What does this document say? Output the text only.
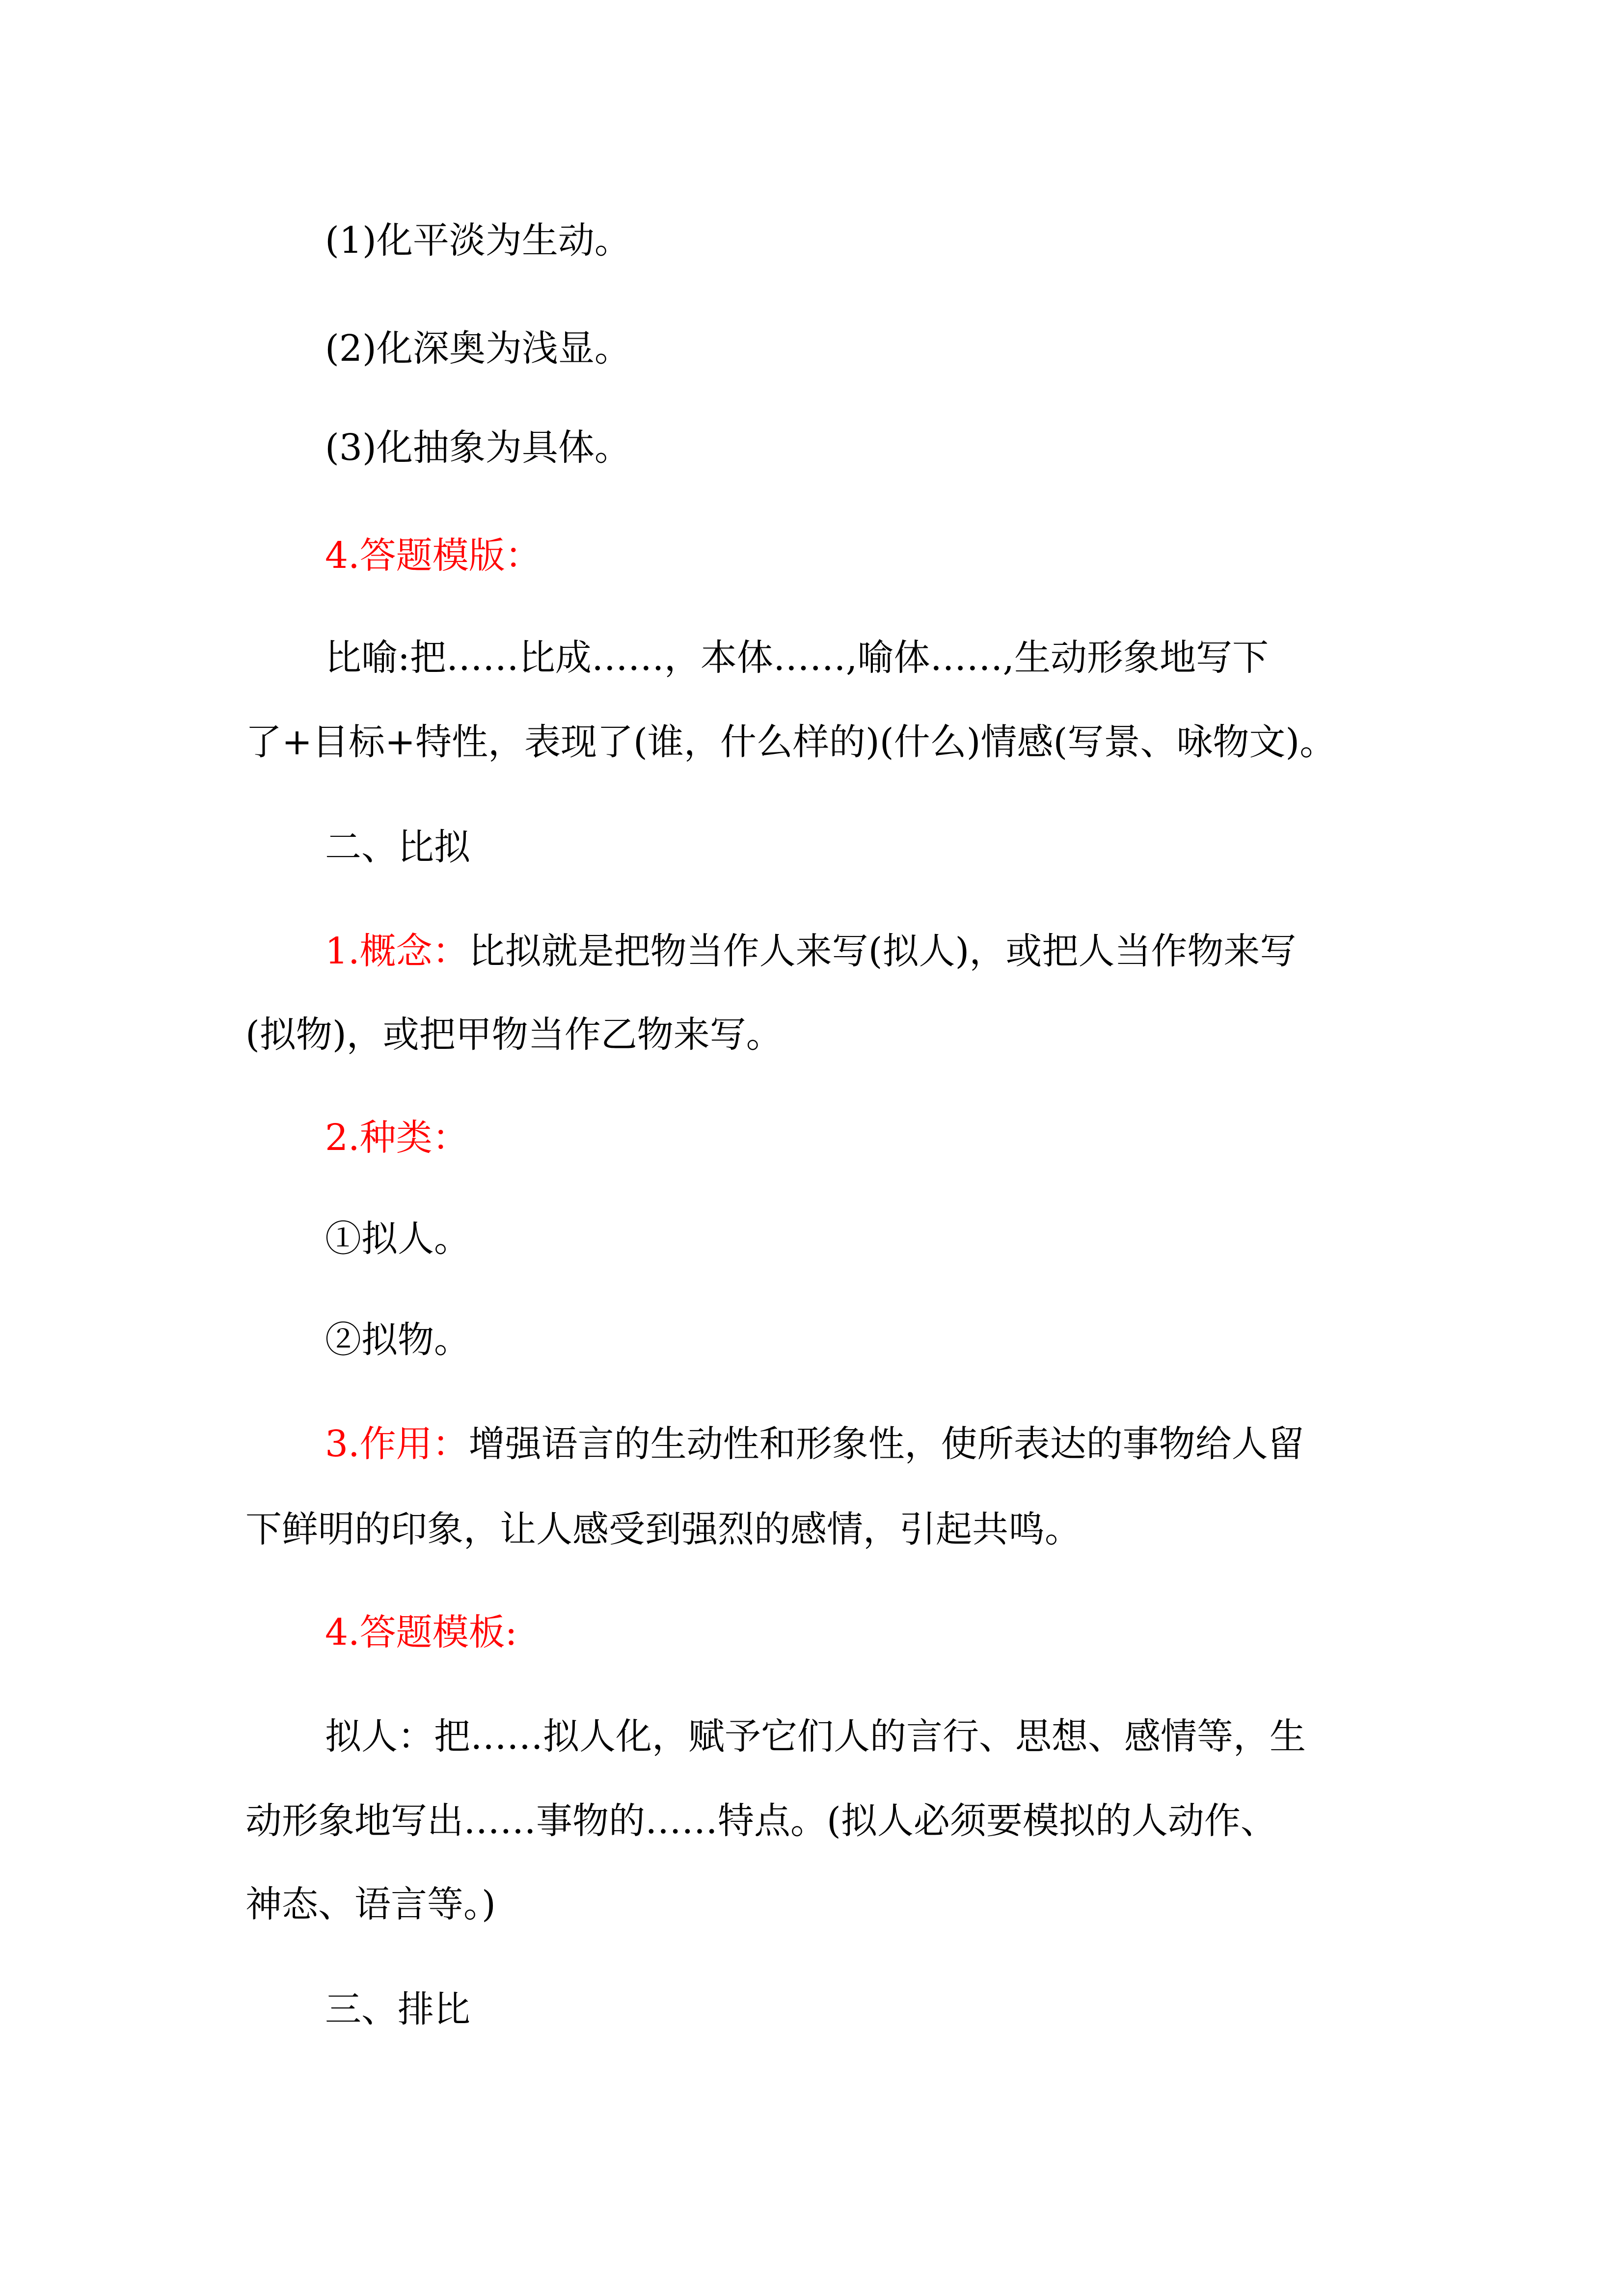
(1)化平淡为生动。
(2)化深奥为浅显。
(3)化抽象为具体。
4.答题模版：
比喻:把……比成……，本体……,喻体……,生动形象地写下
了+目标+特性，表现了(谁，什么样的)(什么)情感(写景、咏物文)。
二、比拟
1.概念：比拟就是把物当作人来写(拟人)，或把人当作物来写
(拟物)，或把甲物当作乙物来写。
2.种类：
①拟人。
②拟物。
3.作用：增强语言的生动性和形象性，使所表达的事物给人留
下鲜明的印象，让人感受到强烈的感情，引起共鸣。
4.答题模板:
拟人：把……拟人化，赋予它们人的言行、思想、感情等，生
动形象地写出……事物的……特点。(拟人必须要模拟的人动作、
神态、语言等。)
三、排比
